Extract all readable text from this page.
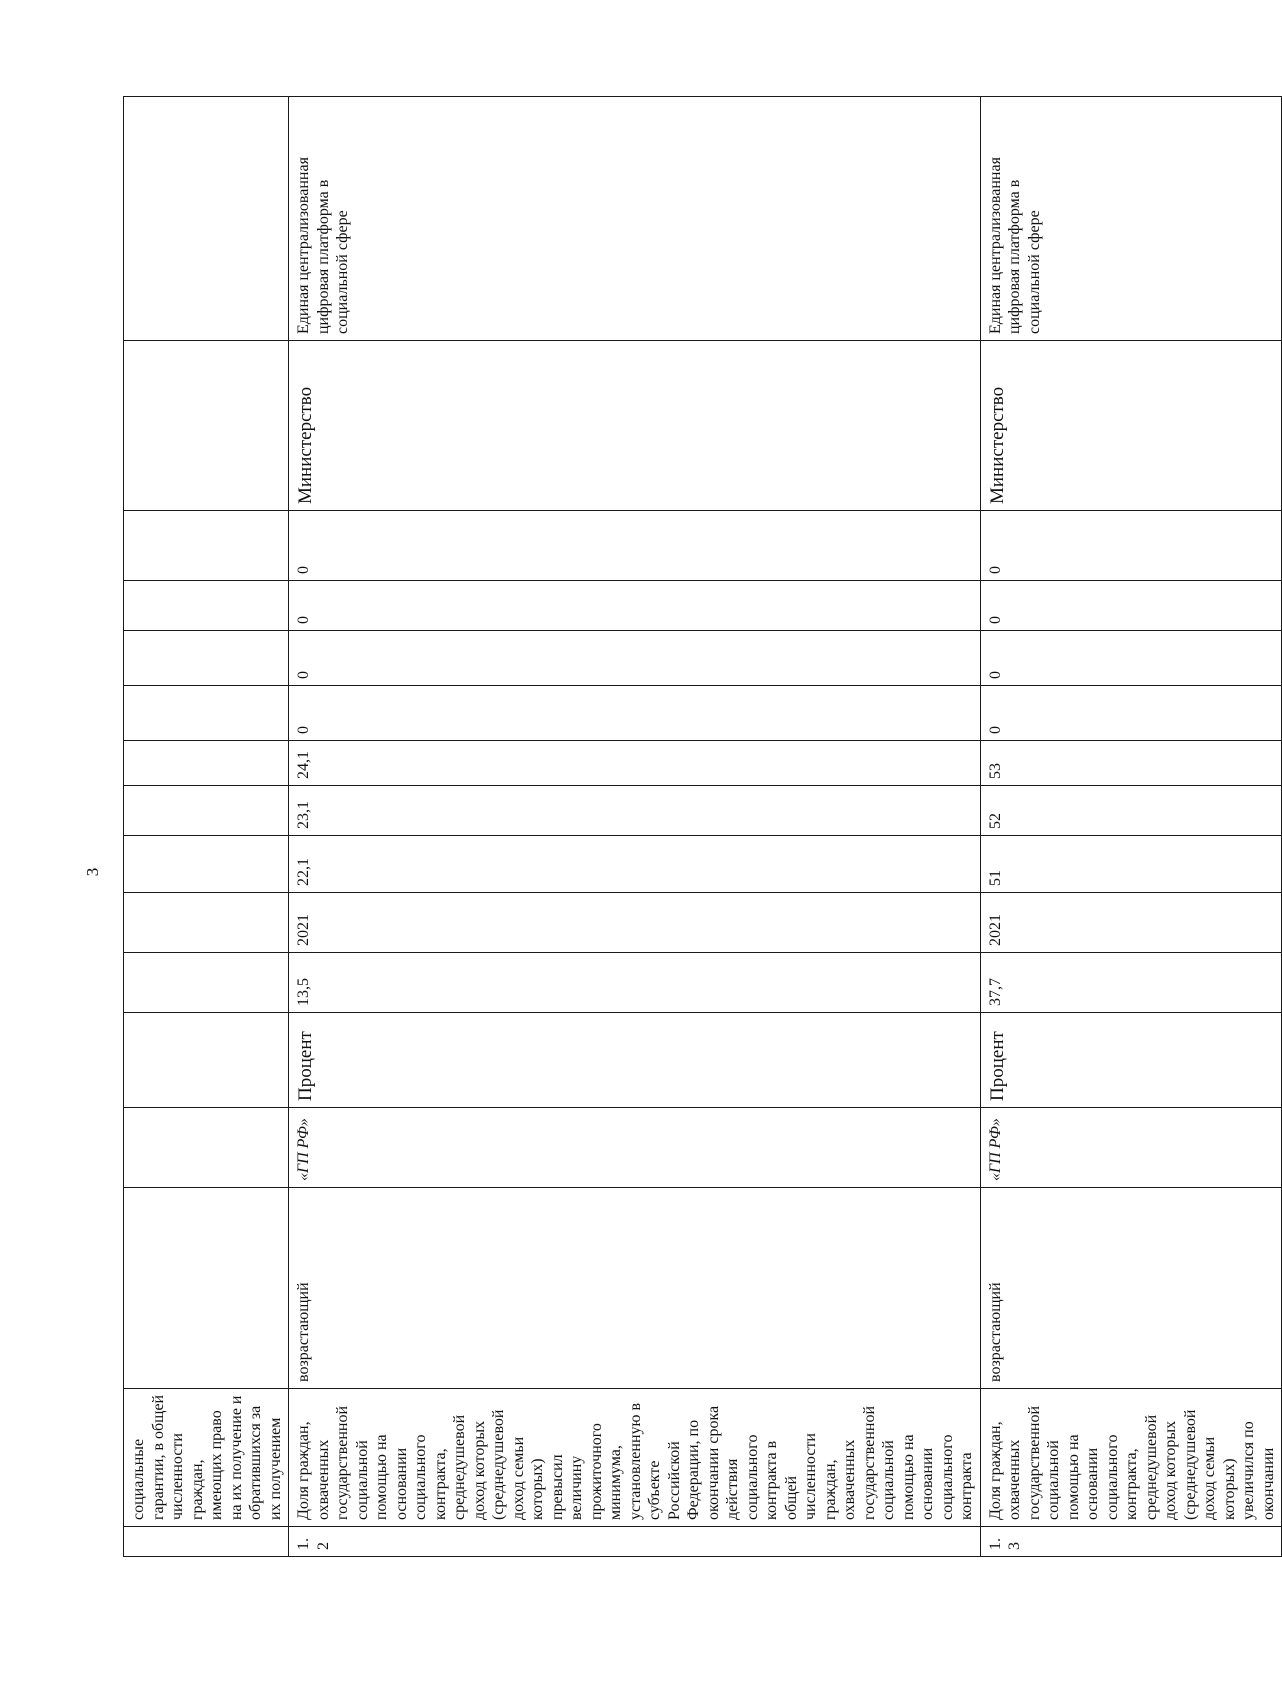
3
	социальные гарантии, в общей численности граждан, имеющих право на их получение и обратившихся за их получением														
1.2	Доля граждан, охваченных государственной социальной помощью на основании социального контракта, среднедушевой доход которых (среднедушевой доход семьи которых) превысил величину прожиточного минимума, установленную в субъекте Российской Федерации, по окончании срока действия социального контракта в общей численности граждан, охваченных государственной социальной помощью на основании социального контракта	возрастающий	«ГП РФ»	Процент	13,5	2021	22,1	23,1	24,1	0	0	0	0	Министерство	Единая централизованная цифровая платформа в социальной сфере
1.3	Доля граждан, охваченных государственной социальной помощью на основании социального контракта, среднедушевой доход которых (среднедушевой доход семьи которых) увеличился по окончании	возрастающий	«ГП РФ»	Процент	37,7	2021	51	52	53	0	0	0	0	Министерство	Единая централизованная цифровая платформа в социальной сфере
